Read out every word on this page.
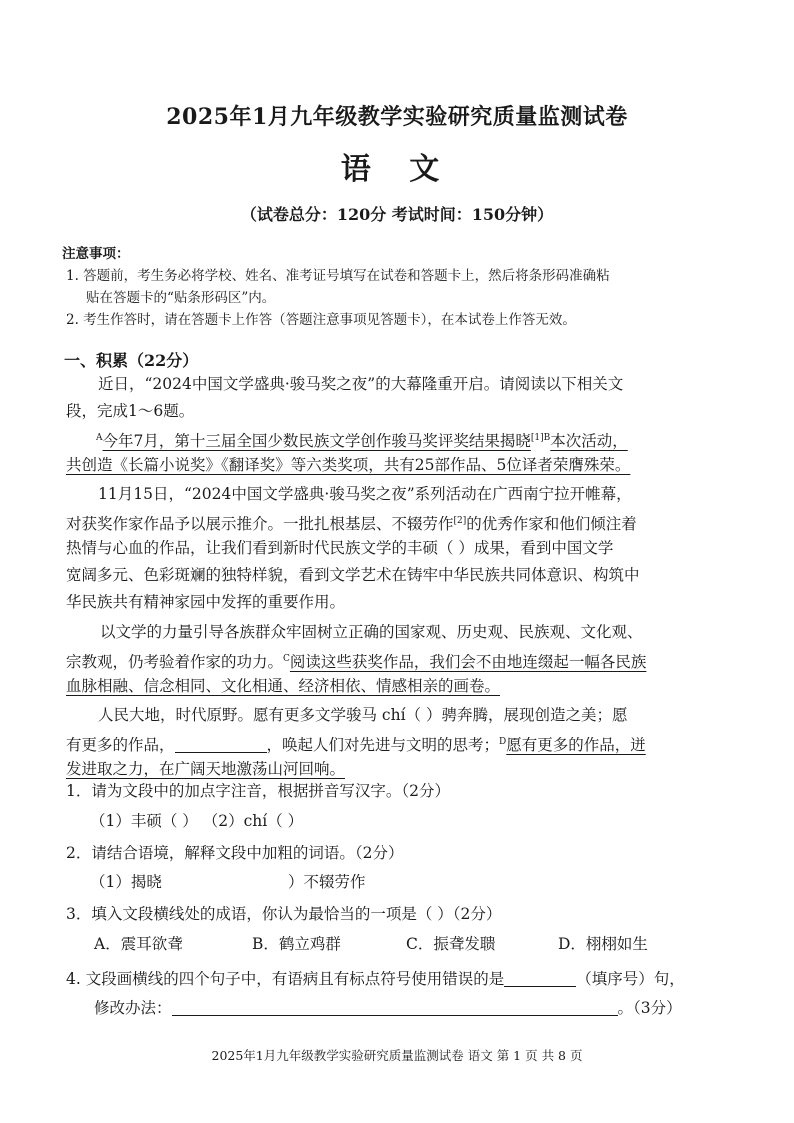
2025年1月九年级教学实验研究质量监测试卷
语 文
（试卷总分：120分 考试时间：150分钟）
注意事项：
1. 答题前，考生务必将学校、姓名、准考证号填写在试卷和答题卡上，然后将条形码准确粘
贴在答题卡的“贴条形码区”内。
2. 考生作答时，请在答题卡上作答（答题注意事项见答题卡），在本试卷上作答无效。
一、积累（22分）
近日，“2024中国文学盛典·骏马奖之夜”的大幕隆重开启。请阅读以下相关文
段，完成1～6题。
$^A$今年7月，第十三届全国少数民族文学创作骏马奖评奖结果揭晓$^{[1]B}$本次活动，
共创造《长篇小说奖》《翻译奖》等六类奖项，共有25部作品、5位译者荣膺殊荣。
11月15日，“2024中国文学盛典·骏马奖之夜”系列活动在广西南宁拉开帷幕，
对获奖作家作品予以展示推介。一批扎根基层、不辍劳作[2]的优秀作家和他们倾注着
热情与心血的作品，让我们看到新时代民族文学的丰硕（ ）成果，看到中国文学
宽阔多元、色彩斑斓的独特样貌，看到文学艺术在铸牢中华民族共同体意识、构筑中
华民族共有精神家园中发挥的重要作用。
以文学的力量引导各族群众牢固树立正确的国家观、历史观、民族观、文化观、
宗教观，仍考验着作家的功力。$^C$阅读这些获奖作品，我们会不由地连缀起一幅各民族
血脉相融、信念相同、文化相通、经济相依、情感相亲的画卷。
人民大地，时代原野。愿有更多文学骏马 chí（ ）骋奔腾，展现创造之美；愿
有更多的作品，	，唤起人们对先进与文明的思考；$^D$愿有更多的作品，迸
发进取之力，在广阔天地激荡山河回响。
1．请为文段中的加点字注音，根据拼音写汉字。（2分）
（1）丰硕（ ） （2）chí（ ）
2．请结合语境，解释文段中加粗的词语。（2分）
（1）揭晓	）不辍劳作
3．填入文段横线处的成语，你认为最恰当的一项是（ ）（2分）
A．震耳欲聋	B．鹤立鸡群	C．振聋发聩	D．栩栩如生
4. 文段画横线的四个句子中，有语病且有标点符号使用错误的是	（填序号）句，
修改办法：	。（3分）
2025年1月九年级教学实验研究质量监测试卷 语文 第 1 页 共 8 页
